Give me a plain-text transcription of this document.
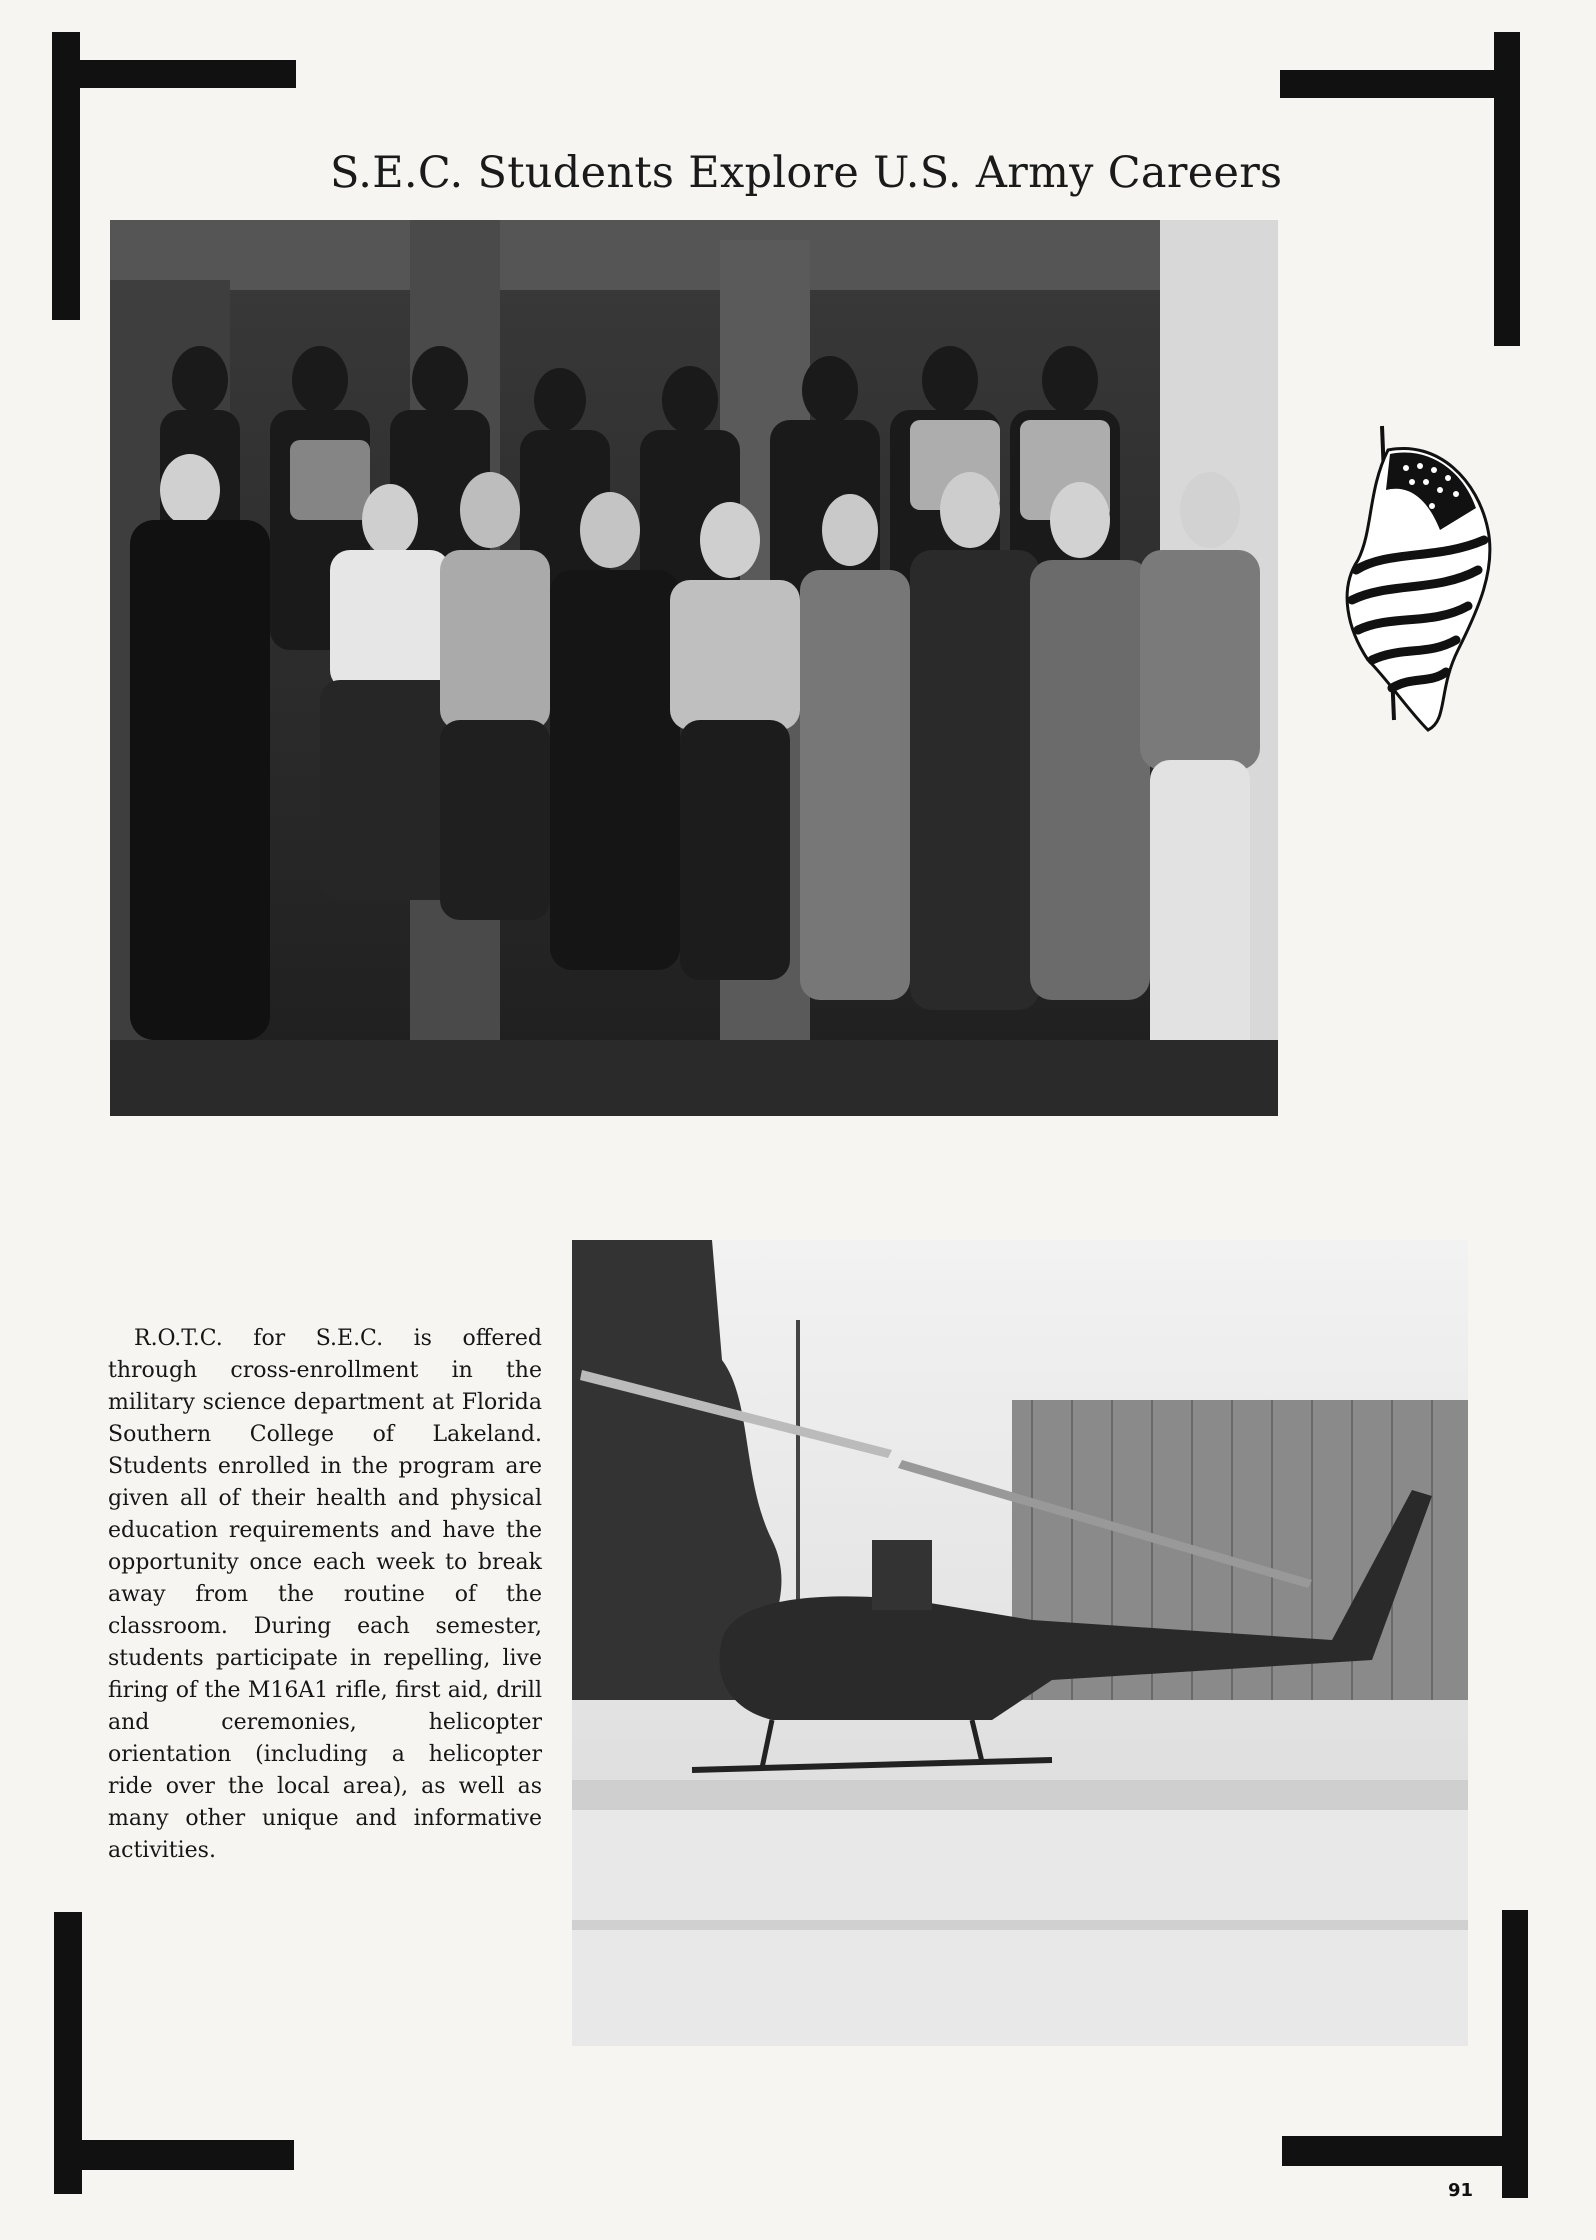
S.E.C. Students Explore U.S. Army Careers

R.O.T.C. for S.E.C. is offered through cross-enrollment in the military science department at Florida Southern College of Lakeland. Students enrolled in the program are given all of their health and physical education requirements and have the opportunity once each week to break away from the routine of the classroom. During each semester, students participate in repelling, live firing of the M16A1 rifle, first aid, drill and ceremonies, helicopter orientation (including a helicopter ride over the local area), as well as many other unique and informative activities.

91
